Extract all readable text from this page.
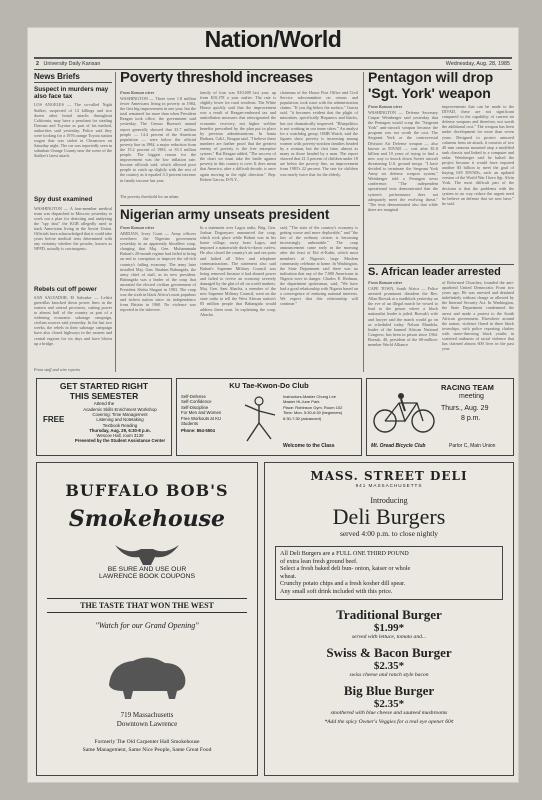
Nation/World
2 University Daily Kansan	Wednesday, Aug. 28, 1985
News Briefs
Suspect in murders may also face tax
LOS ANGELES — The so-called Night Stalker, suspected of 14 killings and two dozen other brutal attacks throughout California, may have a penchant for stealing Datsuns and Toyotas as part of his method, authorities said yesterday. Police said they were looking for a 1976 orange Toyota station wagon that was stolen in Chinatown on Saturday night. The car was reportedly seen in suburban Orange County near the scene of the Stalker's latest attack.
Spy dust examined
WASHINGTON — A four-member medical team was dispatched to Moscow yesterday to work out a plan for detecting and analyzing the "spy dust" the KGB allegedly used to track Americans living in the Soviet Union. Officials have acknowledged that it could take years before medical tests determined with any certainty whether the powder, known as NPPD, actually is carcinogenic.
Rebels cut off power
SAN SALVADOR, El Salvador — Leftist guerrillas knocked down power lines in the eastern and central provinces, cutting power to almost half of the country as part of a widening economic sabotage campaign, civilian sources said yesterday. In the last two weeks, the rebels in their sabotage campaign have also closed highways in the eastern and central regions for six days and have blown up a bridge.
From staff and wire reports
Poverty threshold increases
From Kansan wires
WASHINGTON — There were 1.8 million fewer Americans living in poverty in 1984, the first big improvement in one year, but the total remained far more than when President Reagan took office, the government said yesterday. The Census Bureau's annual report generally showed that 33.7 million people — 14.4 percent of the American population — were below the official poverty line in 1984, a major reduction from the 15.2 percent of 1983, or 35.3 million people. The biggest reason for the improvement was the low inflation rate. Income officials said, which allowed poor people to catch up slightly with the rest of the country as it equaled 3.3 percent increase in family income last year.
The poverty threshold for an urban
family of four was $10,609 last year, up from $10,178 a year earlier. The rate is slightly lower for rural residents. The White House quickly said that the improvement was a result of Reagan-endorsed tax and antiinflation measures that reinvigorated the economic recovery, not higher welfare benefits prescribed by the plan put in place by previous administrations. In Santa Barbara, Calif., Reagan said, "I believe these numbers are further proof that the greatest enemy of poverty is the free enterprise system." But Reagan added, "The success of the chart we must take the battle against poverty in this country is over. It does mean that America, after a difficult decade, is once again moving in the right direction." Rep. Robert Garcia, D-N.Y.,
chairman of the House Post Office and Civil Service subcommittee on census and population, took issue with the administration claims. "If you dig below the surface," Garcia said, "it becomes evident that the plight of minorities, specifically Hispanics and blacks, has not dramatically improved. "Bluepolitics is not working in our inner cities." An analyst for a watchdog group, OMB Watch, said the figures show poverty is increasing among women with poverty-stricken families headed by a woman, but the first time, almost as many as those headed by a man. The report showed that 21.3 percent of children under 18 are below the poverty line, an improvement from 1983's 22 percent. The rate for children was nearly twice that for the elderly.
Nigerian army unseats president
From Kansan wires
ABIDJAN, Ivory Coast — Army officers overthrew the Nigerian government yesterday in an apparently bloodless coup, charging that Maj. Gen. Muhammadu Buhari's 20-month regime had failed to bring an end to corruption or improve the oil-rich country's failing economy. The army later installed Maj. Gen. Ibrahim Babangida, the army chief of staff, as its new president. Babangida was a leader of the coup that unseated the elected civilian government of President Shehu Shagari in 1983. The coup was the sixth in black Africa's most populous and richest nation since its independence from Britain in 1960. No violence was reported in the takeover.
In a statement over Lagos radio, Brig. Gen. Joshua Dogonyaro announced the coup, which took place while Buhari was in his home village, away from Lagos, and imposed a nationwide dusk-to-dawn curfew. He also closed the country's air and sea ports and halted all Telex and telephone communications. The statement also said Buhari's Supreme Military Council was being removed because it had abused power and failed to revive an economy severely damaged by the glut of oil on world markets. Maj. Gen. Sani Abacha, a member of the new Supreme Military Council, went on the state radio to tell the West African nation's 85 million people that Babangida would address them soon. In explaining the coup, Abacha
said, "The state of the country's economy is getting worse and more deplorable," and "the lots of the ordinary citizen is becoming increasingly unbearable." The coup announcement came early in the morning after the feast of Eid el-Kabir, which most members of Nigeria's large Moslem community celebrate at home. In Washington, the State Department said there was no indication that any of the 7,000 Americans in Nigeria were in danger. Charles E. Redman, the department spokesman, said, "We have had a good relationship with Nigeria based on a convergence of enduring national interests. We expect that this relationship will continue."
Pentagon will drop 'Sgt. York' weapon
From Kansan wires
WASHINGTON — Defense Secretary Caspar Weinberger said yesterday that the Pentagon would scrap the "Sergeant York" anti-aircraft weapon because the program was not worth the cost. The Sergeant York or the controversial Division Air Defense weapon — also known as DIVAD — cost after $1.8 billion and 10 years of trying to find a new way to knock down Soviet aircraft threatening U.S. ground troops. "I have decided to terminate the Sergeant York Army air defense weapon system," Weinberger told a Pentagon news conference. "The independent operational tests demonstrated that the system's performance does not adequately meet the evolving threat." "The tests demonstrated also that while there are marginal
improvements that can be made to the DIVAD, these are not significant compared to the capability of current air defense weapons and therefore, not worth the additional cost." The weapon has been under development for more than seven years. Designed to protect armored columns from air attack, it consists of two 40 mm cannons mounted atop a modified tank chassis and linked to a computer and radar. Weinberger said he halted the project because it would have required another $3 billion to meet the goal of buying 618 DIVADs, each an updated version of the World War I hero Sgt. Alvin York. The most difficult part of the decision is that the problems with the system in no way reduce the urgent need he believe an defense that we now have," he said.
S. African leader arrested
From Kansan wires
CAPE TOWN, South Africa — Police arrested prominent dissident the Rev. Allan Boesak at a roadblock yesterday on the eve of an illegal march he vowed to lead to the prison where a black nationalist leader is jailed. Boesak's wife and lawyer said the march would go on as scheduled today. Nelson Mandela, leader of the banned African National Congress, has been in prison since 1964. Boesak, 40, president of the 60-million-member World Alliance
of Reformed Churches, founded the anti-apartheid United Democratic Front two years ago. He was arrested and detained indefinitely without charge as allowed by the Internal Security Act. In Washington, the State Department condemned the arrest and made a protest to the South African government. Elsewhere around the nation, violence flared in three black townships, with police reporting clashes with stone-throwing black youths in scattered outbursts of racial violence that has claimed almost 600 lives in the past year.
GET STARTED RIGHT
THIS SEMESTER
FREE
Attend the
Academic Skills Enrichment Workshop
Covering: Time Management
Listening and Notetaking
Textbook Reading
Thursday, Aug. 29, 6:30-8 p.m.
Wescoe Hall, room 3139
Presented by the Student Assistance Center
KU Tae-Kwon-Do Club
Self-Defense
Self-Confidence
Self-Discipline
For Men and Women
Free Workouts at KU Students
Phone: 864-5504
Instructors-Master Chung Lee
Master Hi-June Park
Place: Robinson Gym, Room 102
Time: Mon. 5:30-6:30 (beginners)
6:30-7:30 (advanced)
Welcome to the Class	Mt. Oread Bicycle Club
RACING TEAM
meeting
Thurs., Aug. 29
8 p.m.
Parlor C, Main Union
BUFFALO BOB'S
Smokehouse
BE SURE AND USE OUR
LAWRENCE BOOK COUPONS
THE TASTE THAT WON THE WEST
"Watch for our Grand Opening"
719 Massachusetts
Downtown Lawrence
Formerly The Old Carpenter Hall Smokehouse
Same Management, Same Nice People, Same Great Food
MASS. STREET DELI
941 MASSACHUSETTS
Introducing
Deli Burgers
served 4:00 p.m. to close nightly
All Deli Burgers are a FULL ONE THIRD POUND
of extra lean fresh ground beef.
Select a fresh baked deli bun- onion, kaiser or whole
wheat.
Crunchy potato chips and a fresh kosher dill spear.
Any small soft drink included with this price.
Traditional Burger
$1.99*
served with lettuce, tomato and...
Swiss & Bacon Burger
$2.35*
swiss cheese and ranch style bacon
Big Blue Burger
$2.35*
smothered with blue cheese and sauteed mushrooms
*Add the spicy Owner's Veggies for a real eye opener 60¢
